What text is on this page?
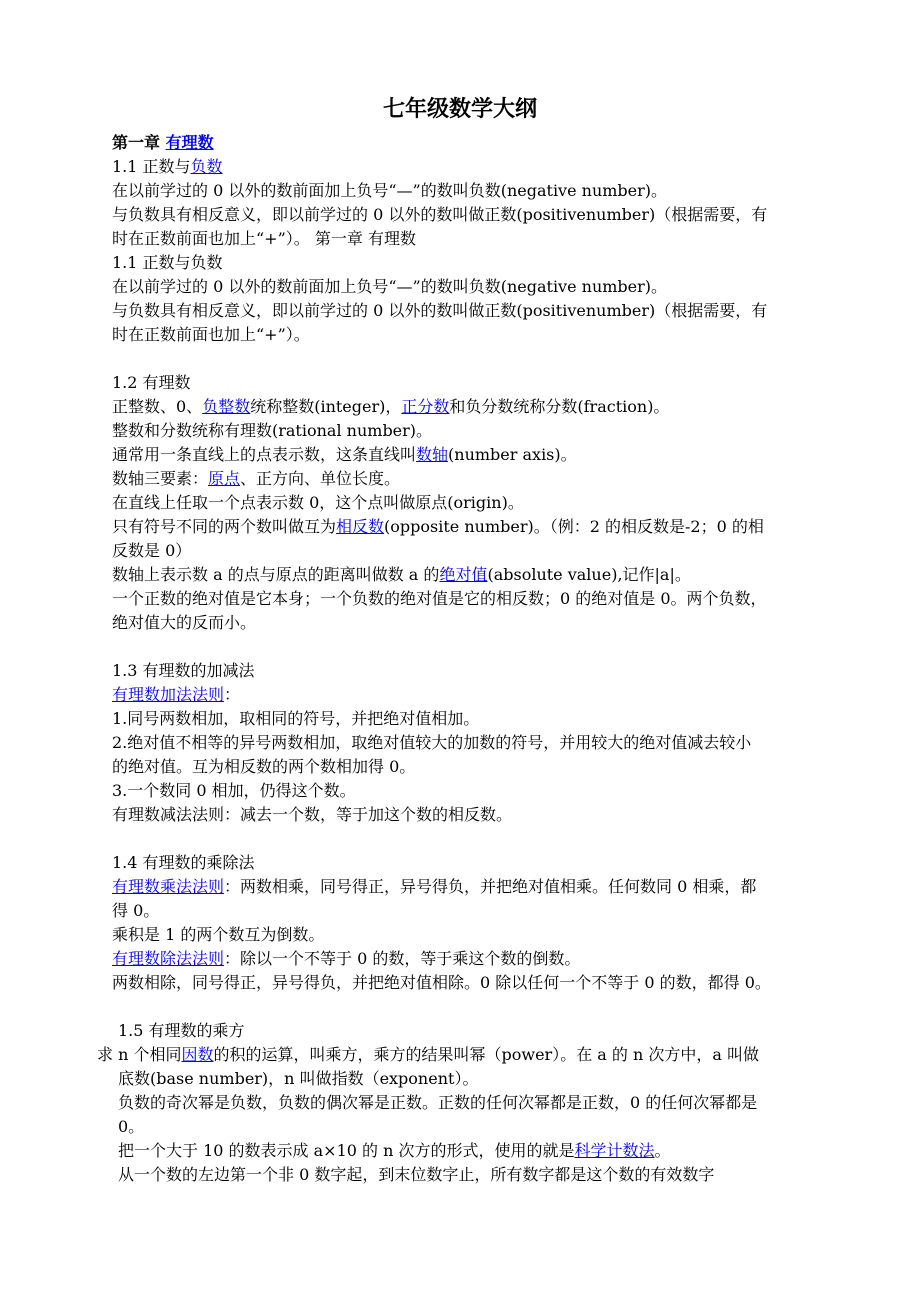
七年级数学大纲
第一章 有理数
1.1 正数与负数
在以前学过的 0 以外的数前面加上负号“—”的数叫负数(negative number)。
与负数具有相反意义，即以前学过的 0 以外的数叫做正数(positivenumber)（根据需要，有
时在正数前面也加上“+”）。 第一章 有理数
1.1 正数与负数
在以前学过的 0 以外的数前面加上负号“—”的数叫负数(negative number)。
与负数具有相反意义，即以前学过的 0 以外的数叫做正数(positivenumber)（根据需要，有
时在正数前面也加上“+”）。
1.2 有理数
正整数、0、负整数统称整数(integer)，正分数和负分数统称分数(fraction)。
整数和分数统称有理数(rational number)。
通常用一条直线上的点表示数，这条直线叫数轴(number axis)。
数轴三要素：原点、正方向、单位长度。
在直线上任取一个点表示数 0，这个点叫做原点(origin)。
只有符号不同的两个数叫做互为相反数(opposite number)。（例：2 的相反数是-2；0 的相
反数是 0）
数轴上表示数 a 的点与原点的距离叫做数 a 的绝对值(absolute value),记作|a|。
一个正数的绝对值是它本身；一个负数的绝对值是它的相反数；0 的绝对值是 0。两个负数，
绝对值大的反而小。
1.3 有理数的加减法
有理数加法法则：
1.同号两数相加，取相同的符号，并把绝对值相加。
2.绝对值不相等的异号两数相加，取绝对值较大的加数的符号，并用较大的绝对值减去较小
的绝对值。互为相反数的两个数相加得 0。
3.一个数同 0 相加，仍得这个数。
有理数减法法则：减去一个数，等于加这个数的相反数。
1.4 有理数的乘除法
有理数乘法法则：两数相乘，同号得正，异号得负，并把绝对值相乘。任何数同 0 相乘，都
得 0。
乘积是 1 的两个数互为倒数。
有理数除法法则：除以一个不等于 0 的数，等于乘这个数的倒数。
两数相除，同号得正，异号得负，并把绝对值相除。0 除以任何一个不等于 0 的数，都得 0。
1.5 有理数的乘方
求 n 个相同因数的积的运算，叫乘方，乘方的结果叫幂（power）。在 a 的 n 次方中，a 叫做
底数(base number)，n 叫做指数（exponent）。
负数的奇次幂是负数，负数的偶次幂是正数。正数的任何次幂都是正数，0 的任何次幂都是
0。
把一个大于 10 的数表示成 a×10 的 n 次方的形式，使用的就是科学计数法。
从一个数的左边第一个非 0 数字起，到末位数字止，所有数字都是这个数的有效数字
